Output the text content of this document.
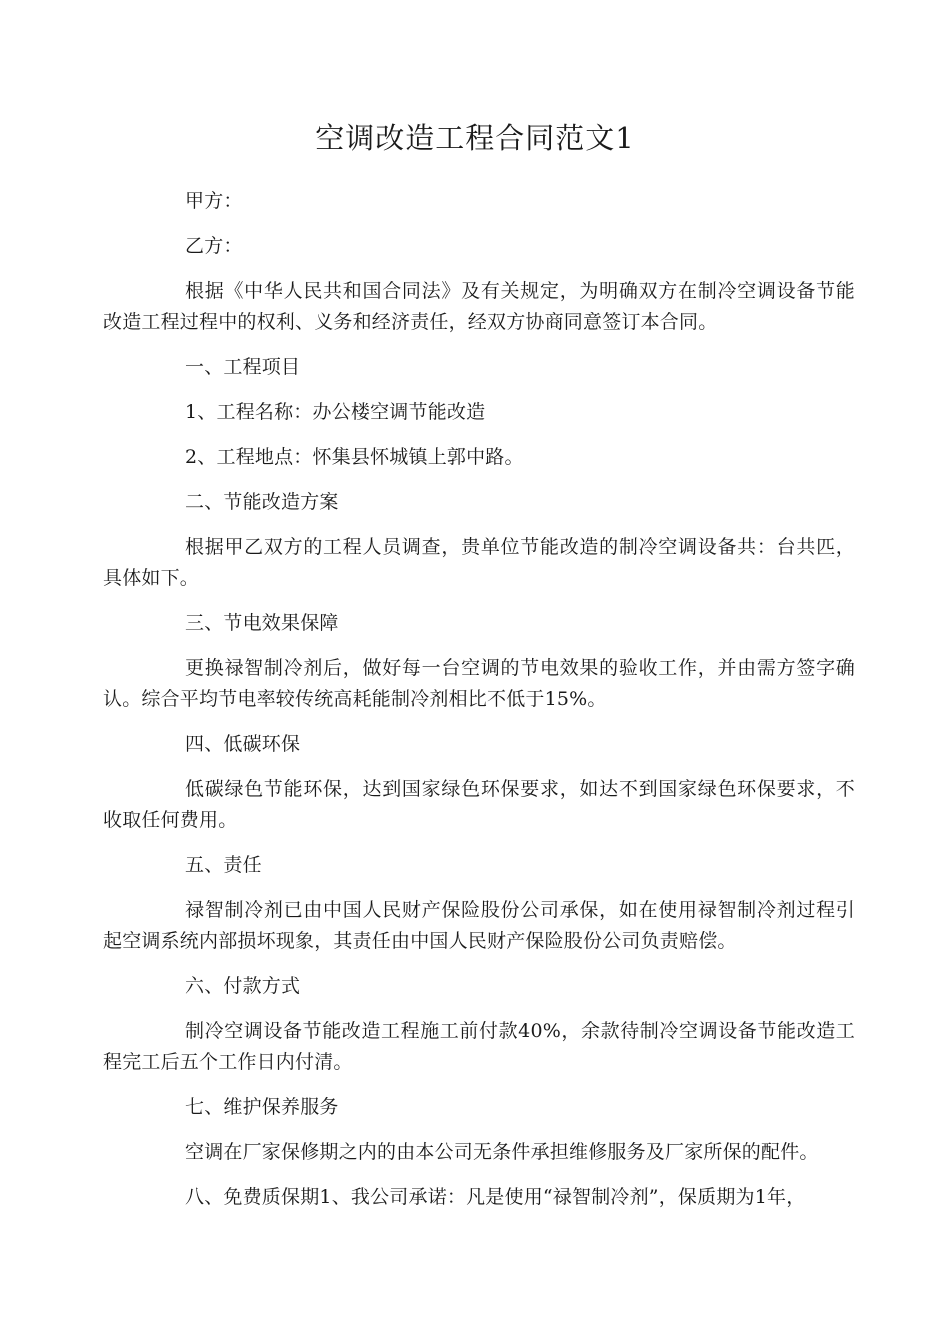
空调改造工程合同范文1

甲方：

乙方：

根据《中华人民共和国合同法》及有关规定，为明确双方在制冷空调设备节能改造工程过程中的权利、义务和经济责任，经双方协商同意签订本合同。

一、工程项目

1、工程名称：办公楼空调节能改造

2、工程地点：怀集县怀城镇上郭中路。

二、节能改造方案

根据甲乙双方的工程人员调查，贵单位节能改造的制冷空调设备共：台共匹，具体如下。

三、节电效果保障

更换禄智制冷剂后，做好每一台空调的节电效果的验收工作，并由需方签字确认。综合平均节电率较传统高耗能制冷剂相比不低于15%。

四、低碳环保

低碳绿色节能环保，达到国家绿色环保要求，如达不到国家绿色环保要求，不收取任何费用。

五、责任

禄智制冷剂已由中国人民财产保险股份公司承保，如在使用禄智制冷剂过程引起空调系统内部损坏现象，其责任由中国人民财产保险股份公司负责赔偿。

六、付款方式

制冷空调设备节能改造工程施工前付款40%，余款待制冷空调设备节能改造工程完工后五个工作日内付清。

七、维护保养服务

空调在厂家保修期之内的由本公司无条件承担维修服务及厂家所保的配件。

八、免费质保期1、我公司承诺：凡是使用“禄智制冷剂”，保质期为1年，
